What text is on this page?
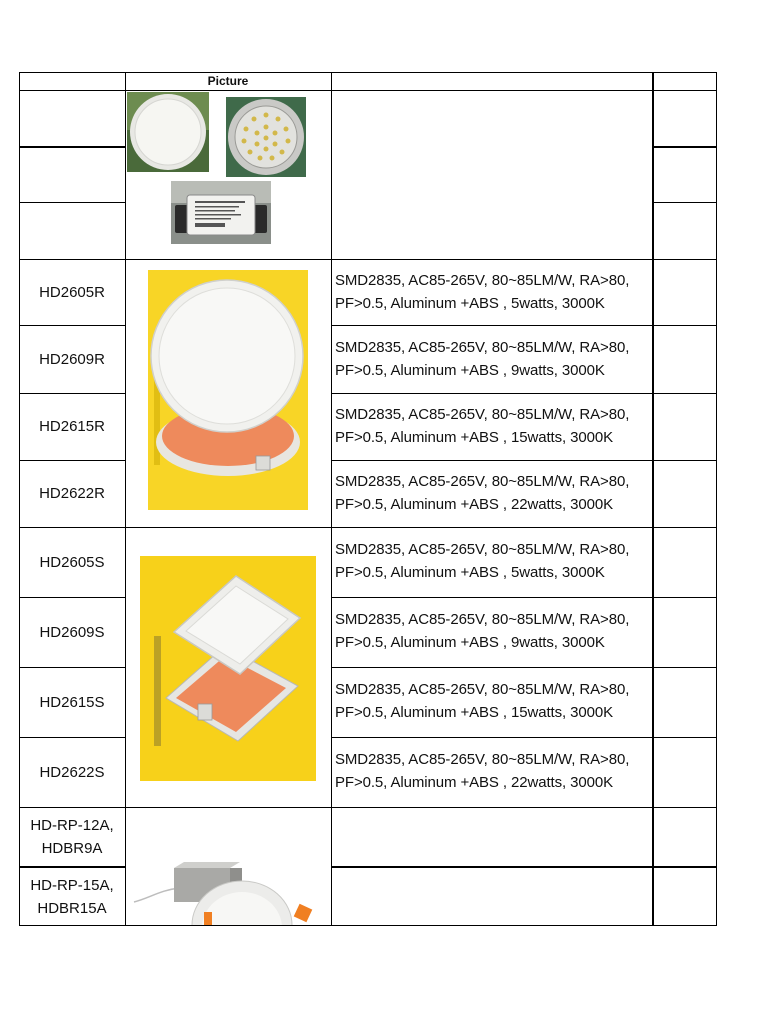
Picture
HD2605R
HD2609R
HD2615R
HD2622R
SMD2835, AC85-265V, 80~85LM/W, RA>80,
PF>0.5, Aluminum +ABS , 5watts, 3000K
SMD2835, AC85-265V, 80~85LM/W, RA>80,
PF>0.5, Aluminum +ABS , 9watts, 3000K
SMD2835, AC85-265V, 80~85LM/W, RA>80,
PF>0.5, Aluminum +ABS , 15watts, 3000K
SMD2835, AC85-265V, 80~85LM/W, RA>80,
PF>0.5, Aluminum +ABS , 22watts, 3000K
HD2605S
HD2609S
HD2615S
HD2622S
SMD2835, AC85-265V, 80~85LM/W, RA>80,
PF>0.5, Aluminum +ABS , 5watts, 3000K
SMD2835, AC85-265V, 80~85LM/W, RA>80,
PF>0.5, Aluminum +ABS , 9watts, 3000K
SMD2835, AC85-265V, 80~85LM/W, RA>80,
PF>0.5, Aluminum +ABS , 15watts, 3000K
SMD2835, AC85-265V, 80~85LM/W, RA>80,
PF>0.5, Aluminum +ABS , 22watts, 3000K
HD-RP-12A,
HDBR9A
HD-RP-15A,
HDBR15A
